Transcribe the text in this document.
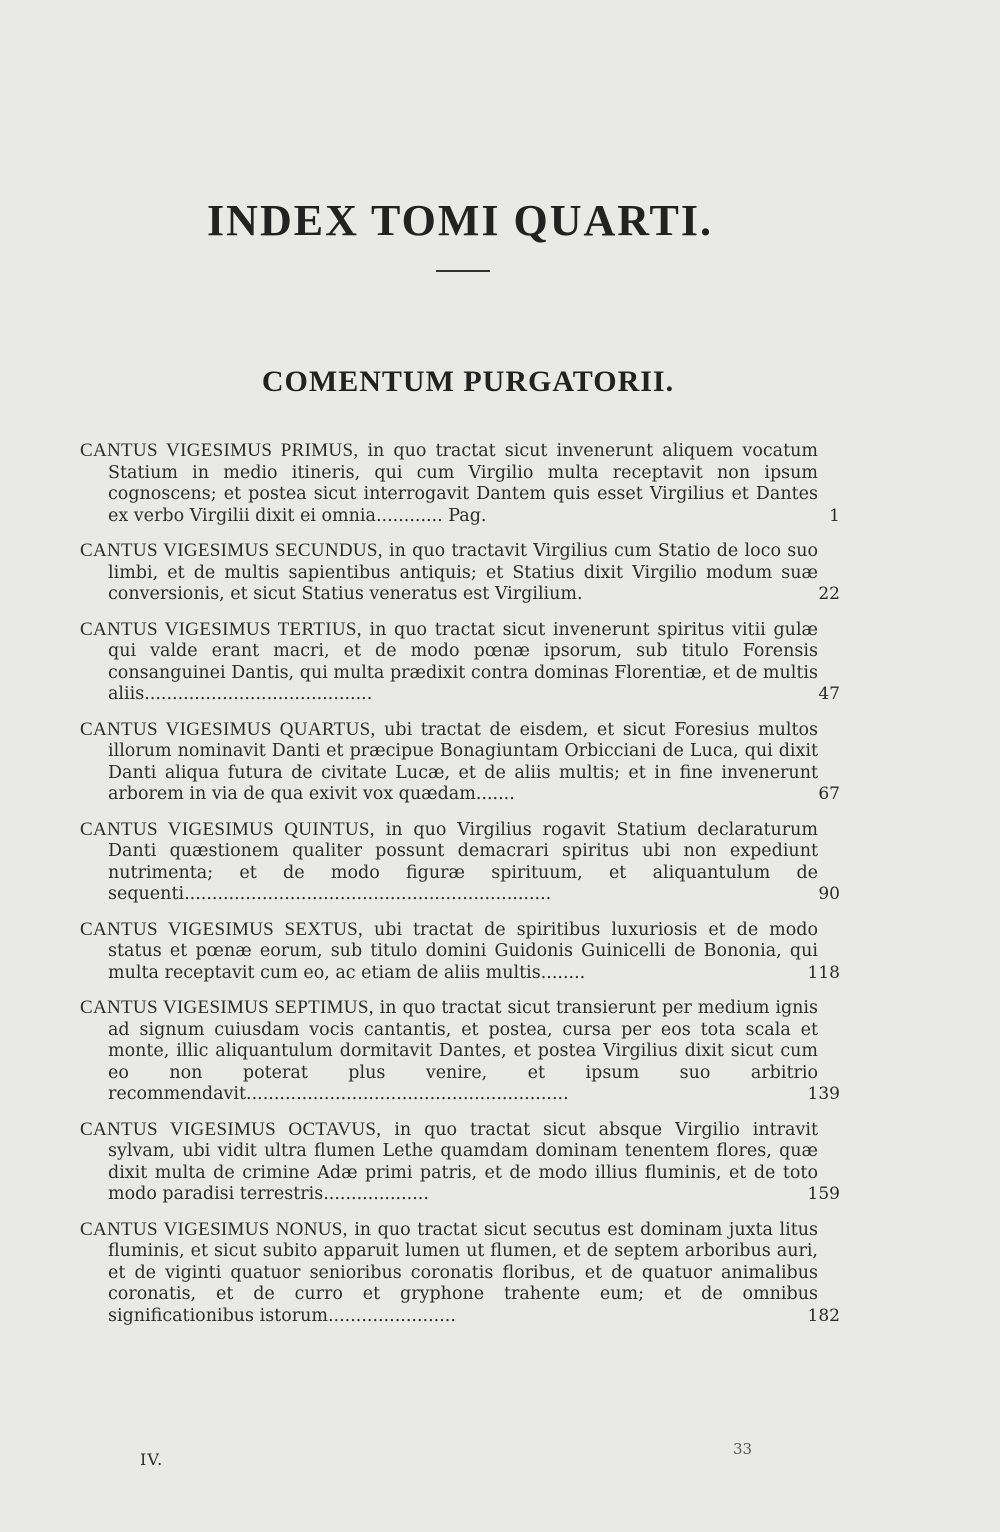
INDEX TOMI QUARTI.
COMENTUM PURGATORII.
CANTUS VIGESIMUS PRIMUS, in quo tractat sicut invenerunt aliquem vocatum Statium in medio itineris, qui cum Virgilio multa receptavit non ipsum cognoscens; et postea sicut interrogavit Dantem quis esset Virgilius et Dantes ex verbo Virgilii dixit ei omnia............ Pag.	1
CANTUS VIGESIMUS SECUNDUS, in quo tractavit Virgilius cum Statio de loco suo limbi, et de multis sapientibus antiquis; et Statius dixit Virgilio modum suæ conversionis, et sicut Statius veneratus est Virgilium.	22
CANTUS VIGESIMUS TERTIUS, in quo tractat sicut invenerunt spiritus vitii gulæ qui valde erant macri, et de modo pœnæ ipsorum, sub titulo Forensis consanguinei Dantis, qui multa prædixit contra dominas Florentiæ, et de multis aliis.........................................	47
CANTUS VIGESIMUS QUARTUS, ubi tractat de eisdem, et sicut Foresius multos illorum nominavit Danti et præcipue Bonagiuntam Orbicciani de Luca, qui dixit Danti aliqua futura de civitate Lucæ, et de aliis multis; et in fine invenerunt arborem in via de qua exivit vox quædam.......	67
CANTUS VIGESIMUS QUINTUS, in quo Virgilius rogavit Statium declaraturum Danti quæstionem qualiter possunt demacrari spiritus ubi non expediunt nutrimenta; et de modo figuræ spirituum, et aliquantulum de sequenti..................................................................	90
CANTUS VIGESIMUS SEXTUS, ubi tractat de spiritibus luxuriosis et de modo status et pœnæ eorum, sub titulo domini Guidonis Guinicelli de Bononia, qui multa receptavit cum eo, ac etiam de aliis multis........	118
CANTUS VIGESIMUS SEPTIMUS, in quo tractat sicut transierunt per medium ignis ad signum cuiusdam vocis cantantis, et postea, cursa per eos tota scala et monte, illic aliquantulum dormitavit Dantes, et postea Virgilius dixit sicut cum eo non poterat plus venire, et ipsum suo arbitrio recommendavit..........................................................	139
CANTUS VIGESIMUS OCTAVUS, in quo tractat sicut absque Virgilio intravit sylvam, ubi vidit ultra flumen Lethe quamdam dominam tenentem flores, quæ dixit multa de crimine Adæ primi patris, et de modo illius fluminis, et de toto modo paradisi terrestris...................	159
CANTUS VIGESIMUS NONUS, in quo tractat sicut secutus est dominam juxta litus fluminis, et sicut subito apparuit lumen ut flumen, et de septem arboribus auri, et de viginti quatuor senioribus coronatis floribus, et de quatuor animalibus coronatis, et de curro et gryphone trahente eum; et de omnibus significationibus istorum.......................	182
IV.
33
